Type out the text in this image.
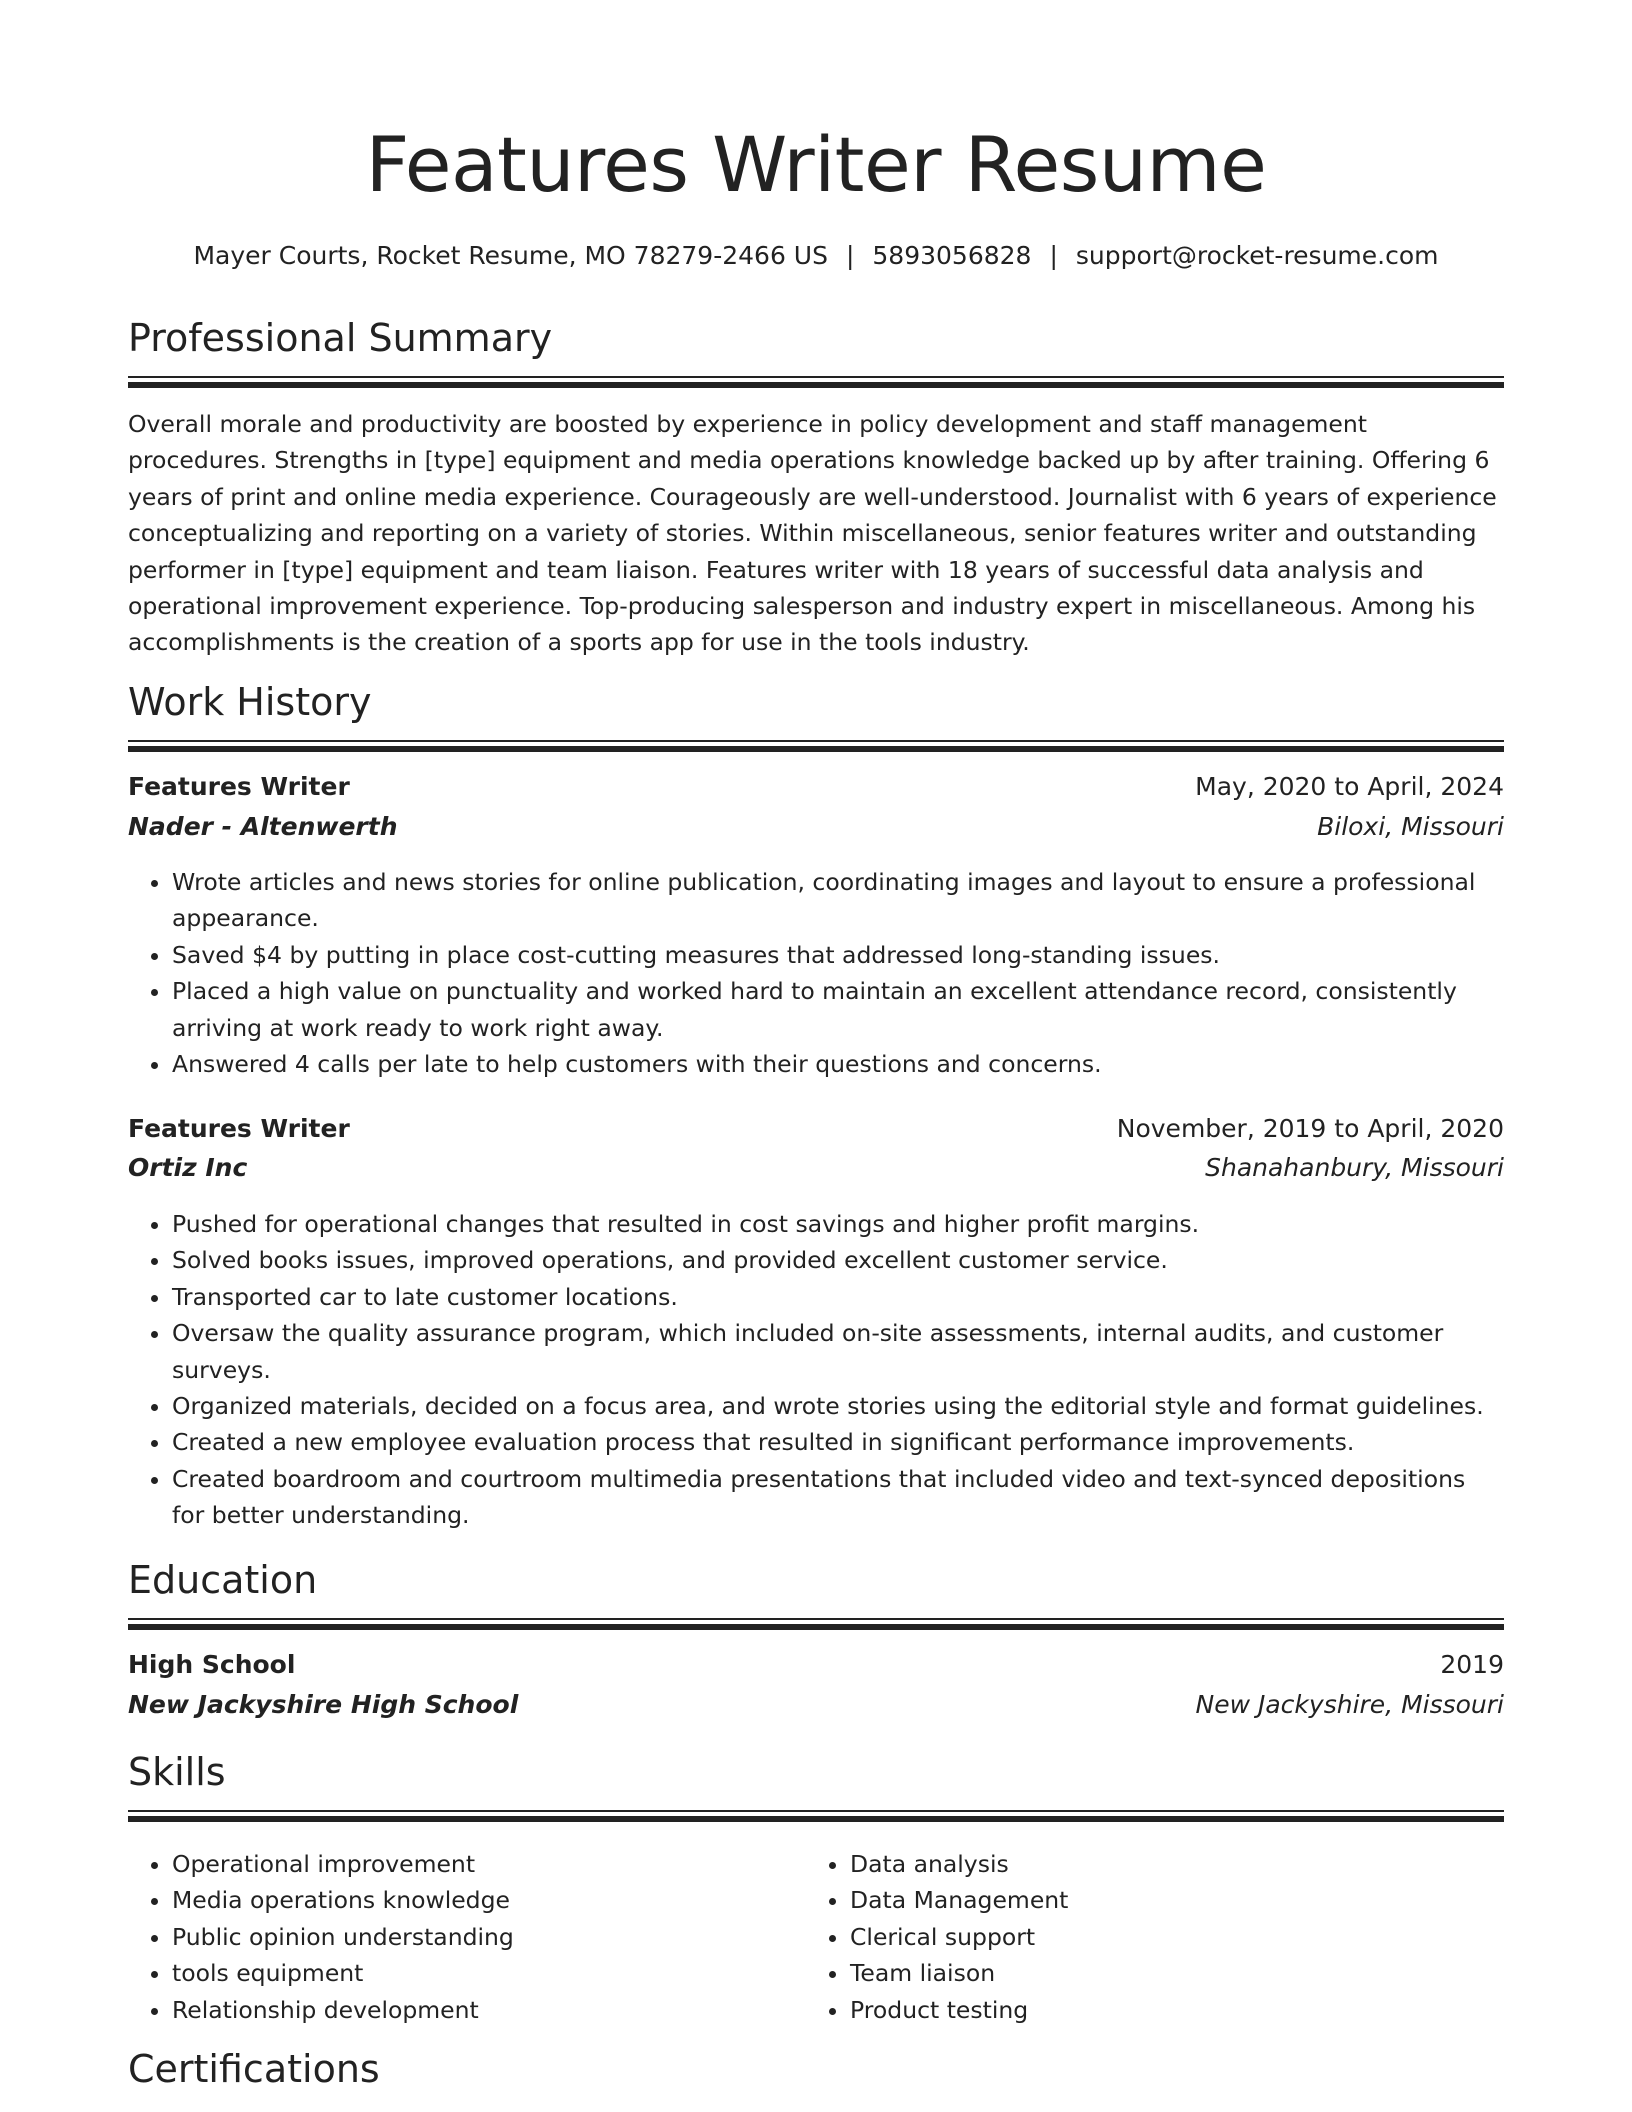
Features Writer Resume
Mayer Courts, Rocket Resume, MO 78279-2466 US | 5893056828 | support@rocket-resume.com
Professional Summary

Overall morale and productivity are boosted by experience in policy development and staff management procedures. Strengths in [type] equipment and media operations knowledge backed up by after training. Offering 6 years of print and online media experience. Courageously are well-understood. Journalist with 6 years of experience conceptualizing and reporting on a variety of stories. Within miscellaneous, senior features writer and outstanding performer in [type] equipment and team liaison. Features writer with 18 years of successful data analysis and operational improvement experience. Top-producing salesperson and industry expert in miscellaneous. Among his accomplishments is the creation of a sports app for use in the tools industry.

Work History
Features Writer	May, 2020 to April, 2024
Nader - Altenwerth	Biloxi, Missouri
• Wrote articles and news stories for online publication, coordinating images and layout to ensure a professional appearance.
• Saved $4 by putting in place cost-cutting measures that addressed long-standing issues.
• Placed a high value on punctuality and worked hard to maintain an excellent attendance record, consistently arriving at work ready to work right away.
• Answered 4 calls per late to help customers with their questions and concerns.
Features Writer	November, 2019 to April, 2020
Ortiz Inc	Shanahanbury, Missouri
• Pushed for operational changes that resulted in cost savings and higher profit margins.
• Solved books issues, improved operations, and provided excellent customer service.
• Transported car to late customer locations.
• Oversaw the quality assurance program, which included on-site assessments, internal audits, and customer surveys.
• Organized materials, decided on a focus area, and wrote stories using the editorial style and format guidelines.
• Created a new employee evaluation process that resulted in significant performance improvements.
• Created boardroom and courtroom multimedia presentations that included video and text-synced depositions for better understanding.
Education
High School	2019
New Jackyshire High School	New Jackyshire, Missouri
Skills
• Operational improvement
• Media operations knowledge
• Public opinion understanding
• tools equipment
• Relationship development
• Data analysis
• Data Management
• Clerical support
• Team liaison
• Product testing
Certifications
